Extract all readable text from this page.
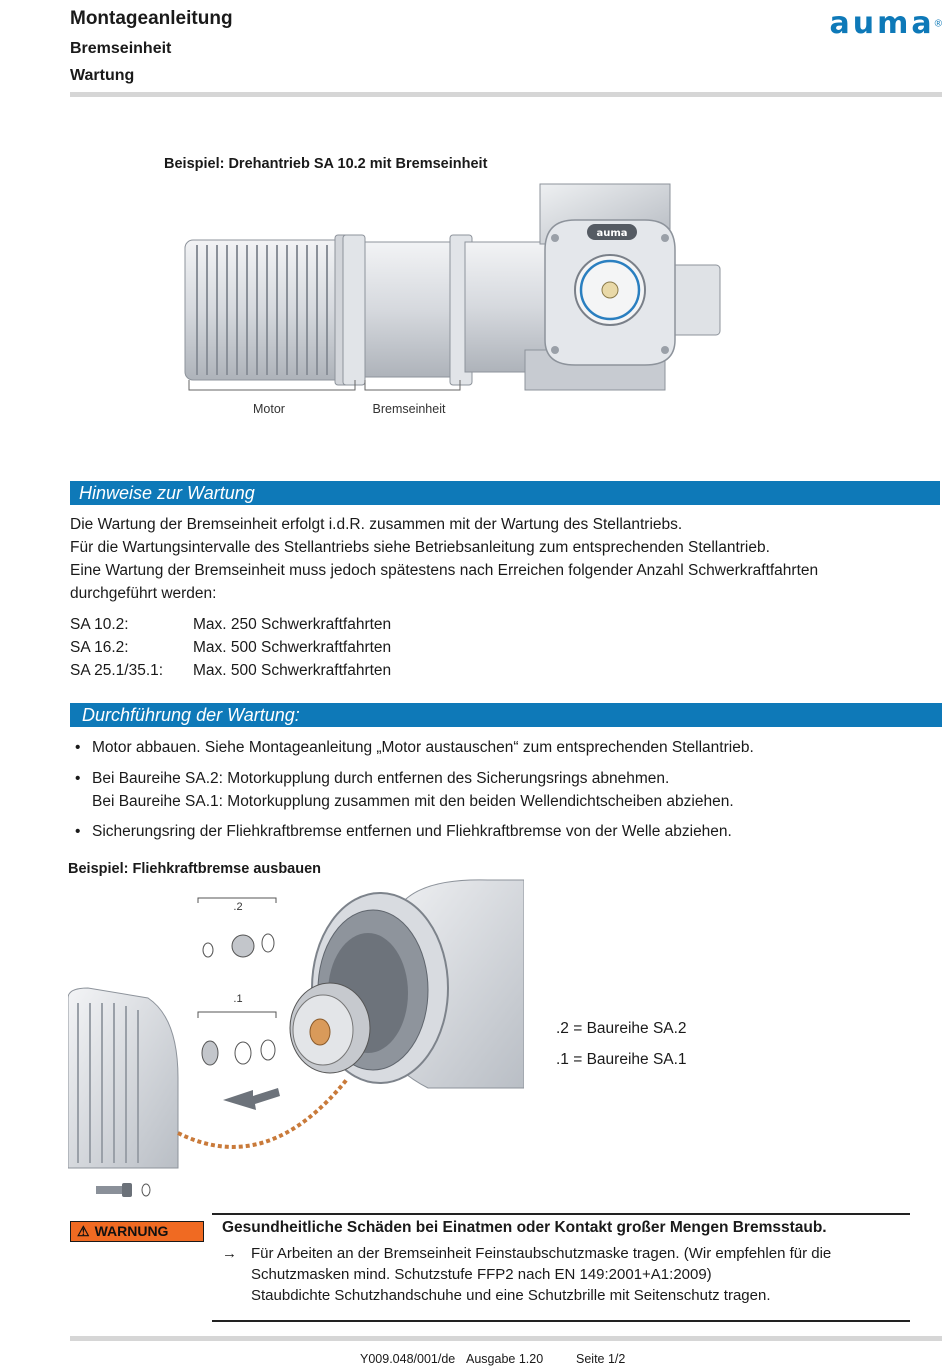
Montageanleitung
Bremseinheit
Wartung
auma®
Beispiel: Drehantrieb SA 10.2 mit Bremseinheit
auma
Motor	Bremseinheit
Hinweise zur Wartung
Die Wartung der Bremseinheit erfolgt i.d.R. zusammen mit der Wartung des Stellantriebs.
Für die Wartungsintervalle des Stellantriebs siehe Betriebsanleitung zum entsprechenden Stellantrieb.
Eine Wartung der Bremseinheit muss jedoch spätestens nach Erreichen folgender Anzahl Schwerkraftfahrten
durchgeführt werden:
SA 10.2:	Max. 250 Schwerkraftfahrten
SA 16.2:	Max. 500 Schwerkraftfahrten
SA 25.1/35.1: Max. 500 Schwerkraftfahrten
Durchführung der Wartung:
• Motor abbauen. Siehe Montageanleitung „Motor austauschen“ zum entsprechenden Stellantrieb.
• Bei Baureihe SA.2: Motorkupplung durch entfernen des Sicherungsrings abnehmen.
Bei Baureihe SA.1: Motorkupplung zusammen mit den beiden Wellendichtscheiben abziehen.
• Sicherungsring der Fliehkraftbremse entfernen und Fliehkraftbremse von der Welle abziehen.
Beispiel: Fliehkraftbremse ausbauen
.2
.1
.2 = Baureihe SA.2
.1 = Baureihe SA.1
⚠ WARNUNG	Gesundheitliche Schäden bei Einatmen oder Kontakt großer Mengen Bremsstaub.
→ Für Arbeiten an der Bremseinheit Feinstaubschutzmaske tragen. (Wir empfehlen für die
Schutzmasken mind. Schutzstufe FFP2 nach EN 149:2001+A1:2009)
Staubdichte Schutzhandschuhe und eine Schutzbrille mit Seitenschutz tragen.
Y009.048/001/de Ausgabe 1.20	Seite 1/2
